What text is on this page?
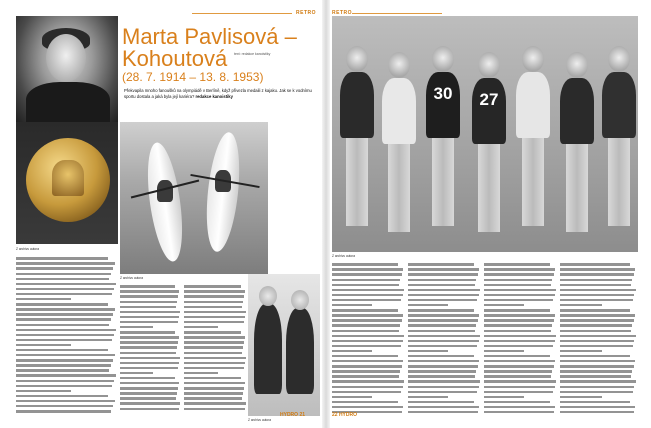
RETRO
Z archivu autora
Marta Pavlisová – Kohoutová
(28. 7. 1914 – 13. 8. 1953)
text: redakce kanoistiky
Překvapila mnoho fanoušků na olympiádě v Berlíně, když přivezla medaili z kajaku. Jak se k vodnímu sportu dostala a jaká byla její kariéra? redakce kanoistiky
Z archivu autora
Z archivu autora
HYDRO 21
RETRO
30	27
Z archivu autora
22 HYDRO
